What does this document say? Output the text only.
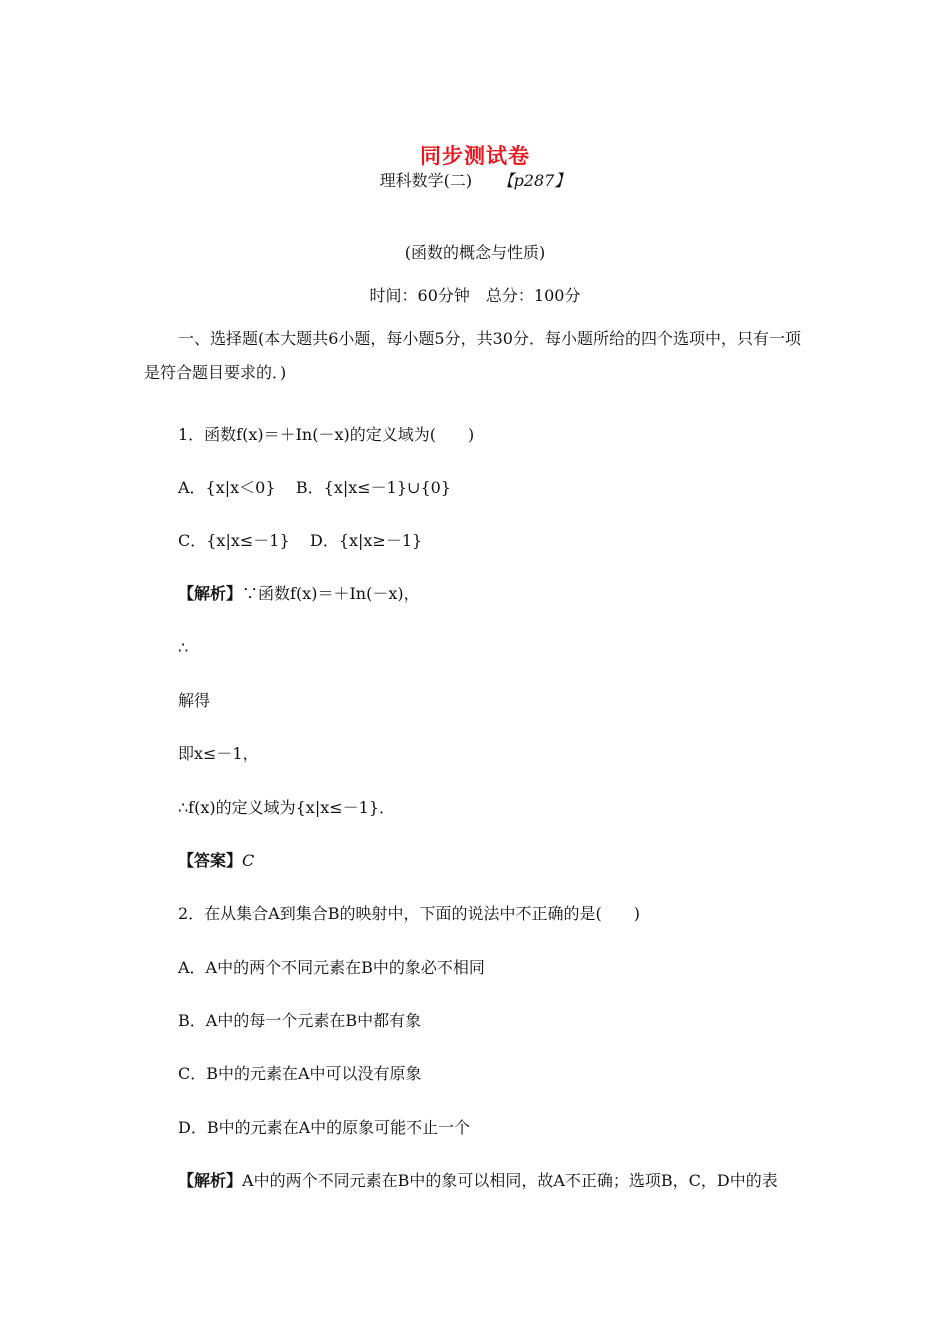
同步测试卷
理科数学(二) 【p287】
(函数的概念与性质)
时间：60分钟　总分：100分
一、选择题(本大题共6小题，每小题5分，共30分．每小题所给的四个选项中，只有一项是符合题目要求的．)
1．函数f(x)＝＋In(－x)的定义域为(　　)
A．{x|x＜0} B．{x|x≤－1}∪{0}
C．{x|x≤－1} D．{x|x≥－1}
【解析】∵函数f(x)＝＋In(－x)，
∴
解得
即x≤－1，
∴f(x)的定义域为{x|x≤－1}．
【答案】C
2．在从集合A到集合B的映射中，下面的说法中不正确的是(　　)
A．A中的两个不同元素在B中的象必不相同
B．A中的每一个元素在B中都有象
C．B中的元素在A中可以没有原象
D．B中的元素在A中的原象可能不止一个
【解析】A中的两个不同元素在B中的象可以相同，故A不正确；选项B，C，D中的表
